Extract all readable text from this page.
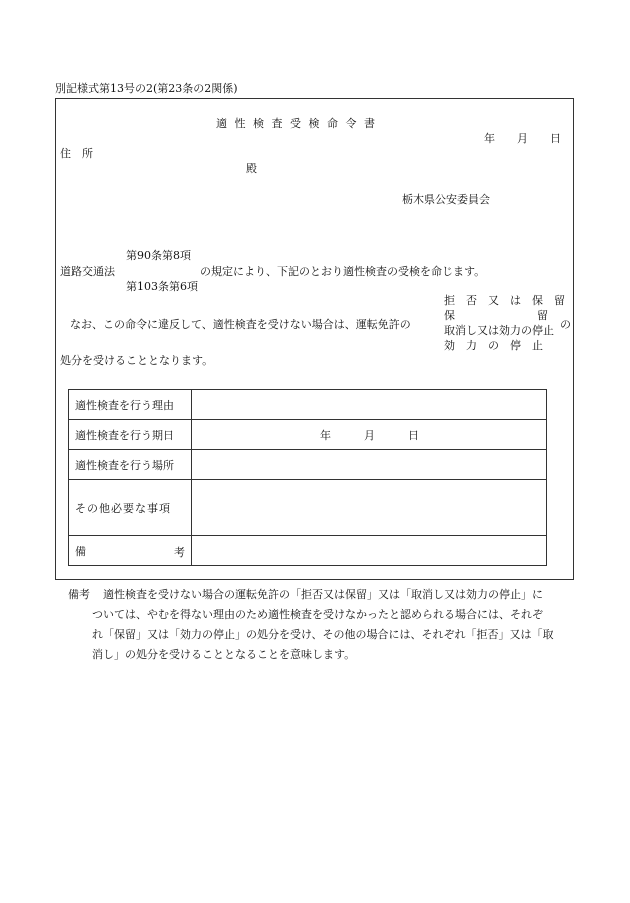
別記様式第13号の2(第23条の2関係)
適 性 検 査 受 検 命 令 書
年　　月　　日
住　所
殿
栃木県公安委員会
第90条第8項
道路交通法	の規定により、下記のとおり適性検査の受検を命じます。
第103条第6項
拒　否　又　は　保　留
保	留
なお、この命令に違反して、適性検査を受けない場合は、運転免許の	取消し又は効力の停止 の
効　力　の　停　止
処分を受けることとなります。
適性検査を行う理由	
適性検査を行う期日	年　　　月　　　日
適性検査を行う場所	
その他必要な事項	
備 考	

備考 適性検査を受けない場合の運転免許の「拒否又は保留」又は「取消し又は効力の停止」に
ついては、やむを得ない理由のため適性検査を受けなかったと認められる場合には、それぞ
れ「保留」又は「効力の停止」の処分を受け、その他の場合には、それぞれ「拒否」又は「取
消し」の処分を受けることとなることを意味します。
